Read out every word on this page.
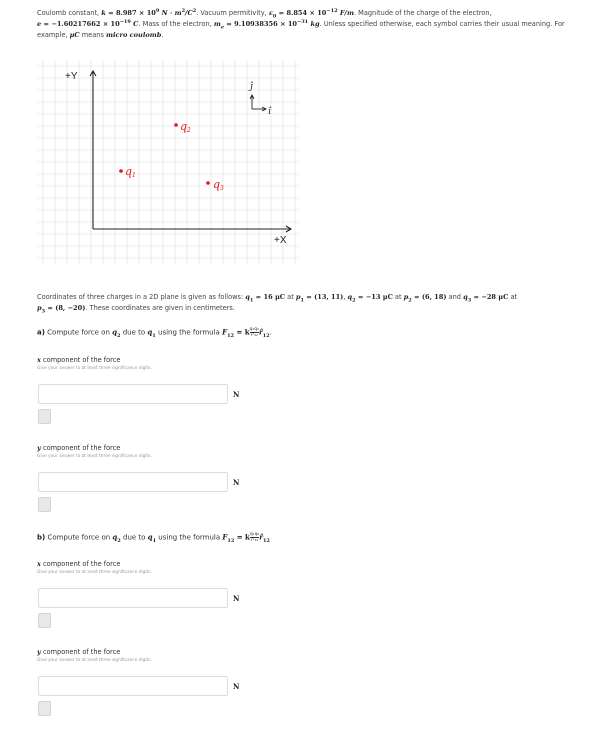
Coulomb constant, $k = 8.987 \times 10^9$ $N \cdot m^2/C^2$. Vacuum permitivity, $\varepsilon_0 = 8.854 \times 10^{-12}$ F/m. Magnitude of the charge of the electron,
$e = -1.60217662 \times 10^{-19}$ C. Mass of the electron, $m_e = 9.10938356 \times 10^{-31}$ kg. Unless specified otherwise, each symbol carries their usual meaning. For example, μC means micro coulomb.
+Y
+X
ĵ
î
q2
q1
q3
Coordinates of three charges in a 2D plane is given as follows: $q_1 = 16$ μC at $p_1 = (13$, 11), $q_2 = -13$ μC at $p_2 = (6$, 18) and $q_3 = -28$ μC at
$p_3 = (8$, −20). These coordinates are given in centimeters.
a) Compute force on $q_2$ due to $q_1$ using the formula $F_{12} = k \frac{\text{q₁q₂}}{\text{r²₁₂}}$ $r̂_{12}$.
x component of the force
Give your answer to at least three significance digits.
N
y component of the force
Give your answer to at least three significance digits.
N
b) Compute force on $q_2$ due to $q_1$ using the formula $F_{12} = k \frac{\text{q₁q₂}}{\text{r²₁₂}}$ $r̂_{12}$
x component of the force
Give your answer to at least three significance digits.
N
y component of the force
Give your answer to at least three significance digits.
N
